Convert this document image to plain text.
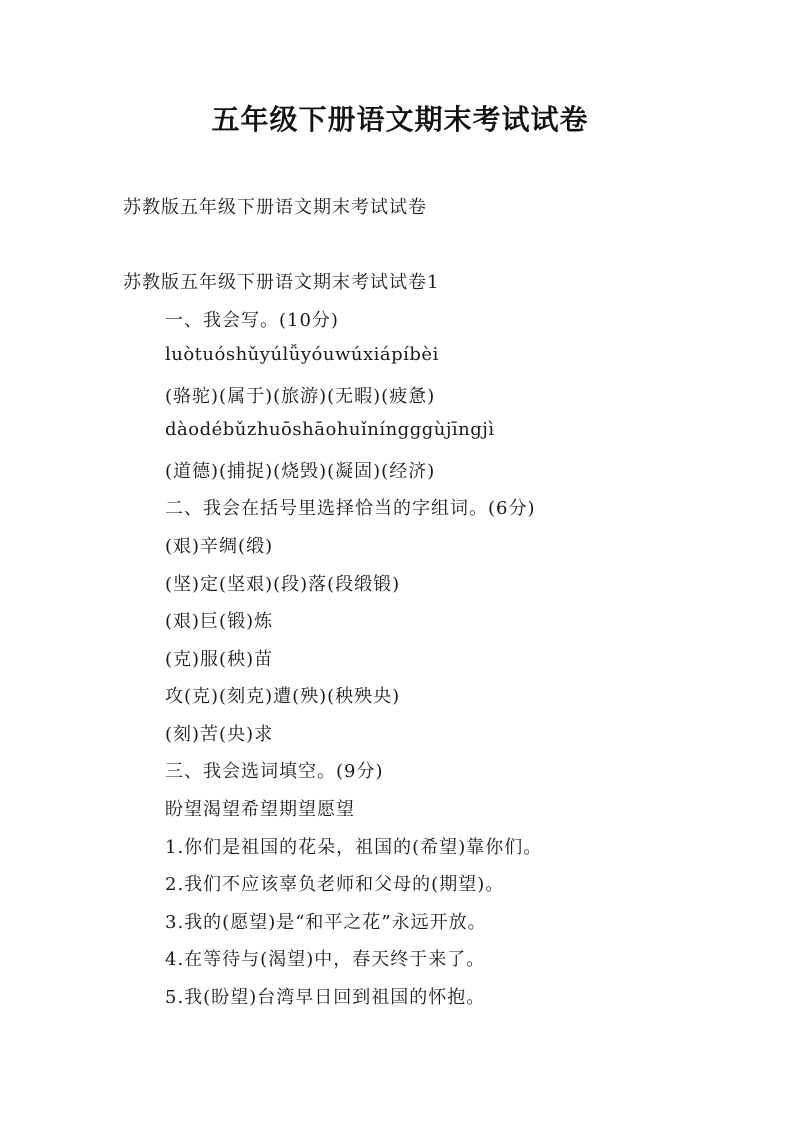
五年级下册语文期末考试试卷
苏教版五年级下册语文期末考试试卷
苏教版五年级下册语文期末考试试卷1
一、我会写。(10分)
luòtuóshǔyúlǚyóuwúxiápíbèi
(骆驼)(属于)(旅游)(无暇)(疲惫)
dàodébǔzhuōshāohuǐníngggùjīngjì
(道德)(捕捉)(烧毁)(凝固)(经济)
二、我会在括号里选择恰当的字组词。(6分)
(艰)辛绸(缎)
(坚)定(坚艰)(段)落(段缎锻)
(艰)巨(锻)炼
(克)服(秧)苗
攻(克)(刻克)遭(殃)(秧殃央)
(刻)苦(央)求
三、我会选词填空。(9分)
盼望渴望希望期望愿望
1.你们是祖国的花朵，祖国的(希望)靠你们。
2.我们不应该辜负老师和父母的(期望)。
3.我的(愿望)是“和平之花”永远开放。
4.在等待与(渴望)中，春天终于来了。
5.我(盼望)台湾早日回到祖国的怀抱。
